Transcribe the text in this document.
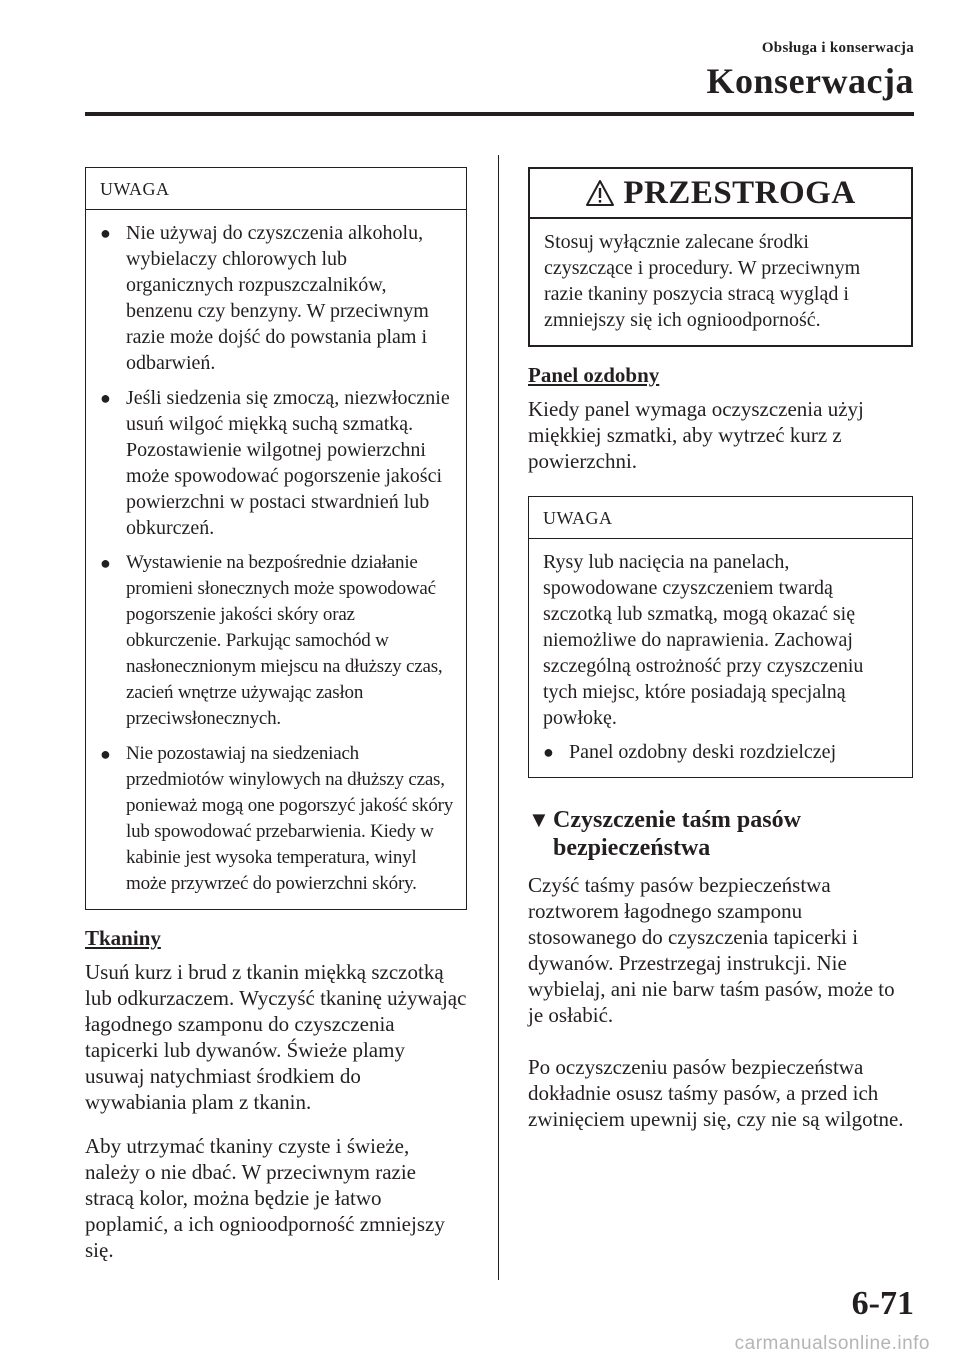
Obsługa i konserwacja
Konserwacja
UWAGA
● Nie używaj do czyszczenia alkoholu, wybielaczy chlorowych lub organicznych rozpuszczalników, benzenu czy benzyny. W przeciwnym razie może dojść do powstania plam i odbarwień.
● Jeśli siedzenia się zmoczą, niezwłocznie usuń wilgoć miękką suchą szmatką. Pozostawienie wilgotnej powierzchni może spowodować pogorszenie jakości powierzchni w postaci stwardnień lub obkurczeń.
● Wystawienie na bezpośrednie działanie promieni słonecznych może spowodować pogorszenie jakości skóry oraz obkurczenie. Parkując samochód w nasłonecznionym miejscu na dłuższy czas, zacień wnętrze używając zasłon przeciwsłonecznych.
● Nie pozostawiaj na siedzeniach przedmiotów winylowych na dłuższy czas, ponieważ mogą one pogorszyć jakość skóry lub spowodować przebarwienia. Kiedy w kabinie jest wysoka temperatura, winyl może przywrzeć do powierzchni skóry.
Tkaniny

Usuń kurz i brud z tkanin miękką szczotką lub odkurzaczem. Wyczyść tkaninę używając łagodnego szamponu do czyszczenia tapicerki lub dywanów. Świeże plamy usuwaj natychmiast środkiem do wywabiania plam z tkanin.

Aby utrzymać tkaniny czyste i świeże, należy o nie dbać. W przeciwnym razie stracą kolor, można będzie je łatwo poplamić, a ich ognioodporność zmniejszy się.

PRZESTROGA
Stosuj wyłącznie zalecane środki czyszczące i procedury. W przeciwnym razie tkaniny poszycia stracą wygląd i zmniejszy się ich ognioodporność.
Panel ozdobny

Kiedy panel wymaga oczyszczenia użyj miękkiej szmatki, aby wytrzeć kurz z powierzchni.

UWAGA
Rysy lub nacięcia na panelach, spowodowane czyszczeniem twardą szczotką lub szmatką, mogą okazać się niemożliwe do naprawienia. Zachowaj szczególną ostrożność przy czyszczeniu tych miejsc, które posiadają specjalną powłokę.
● Panel ozdobny deski rozdzielczej
▼ Czyszczenie taśm pasów bezpieczeństwa

Czyść taśmy pasów bezpieczeństwa roztworem łagodnego szamponu stosowanego do czyszczenia tapicerki i dywanów. Przestrzegaj instrukcji. Nie wybielaj, ani nie barw taśm pasów, może to je osłabić.

Po oczyszczeniu pasów bezpieczeństwa dokładnie osusz taśmy pasów, a przed ich zwinięciem upewnij się, czy nie są wilgotne.

6-71
carmanualsonline.info
